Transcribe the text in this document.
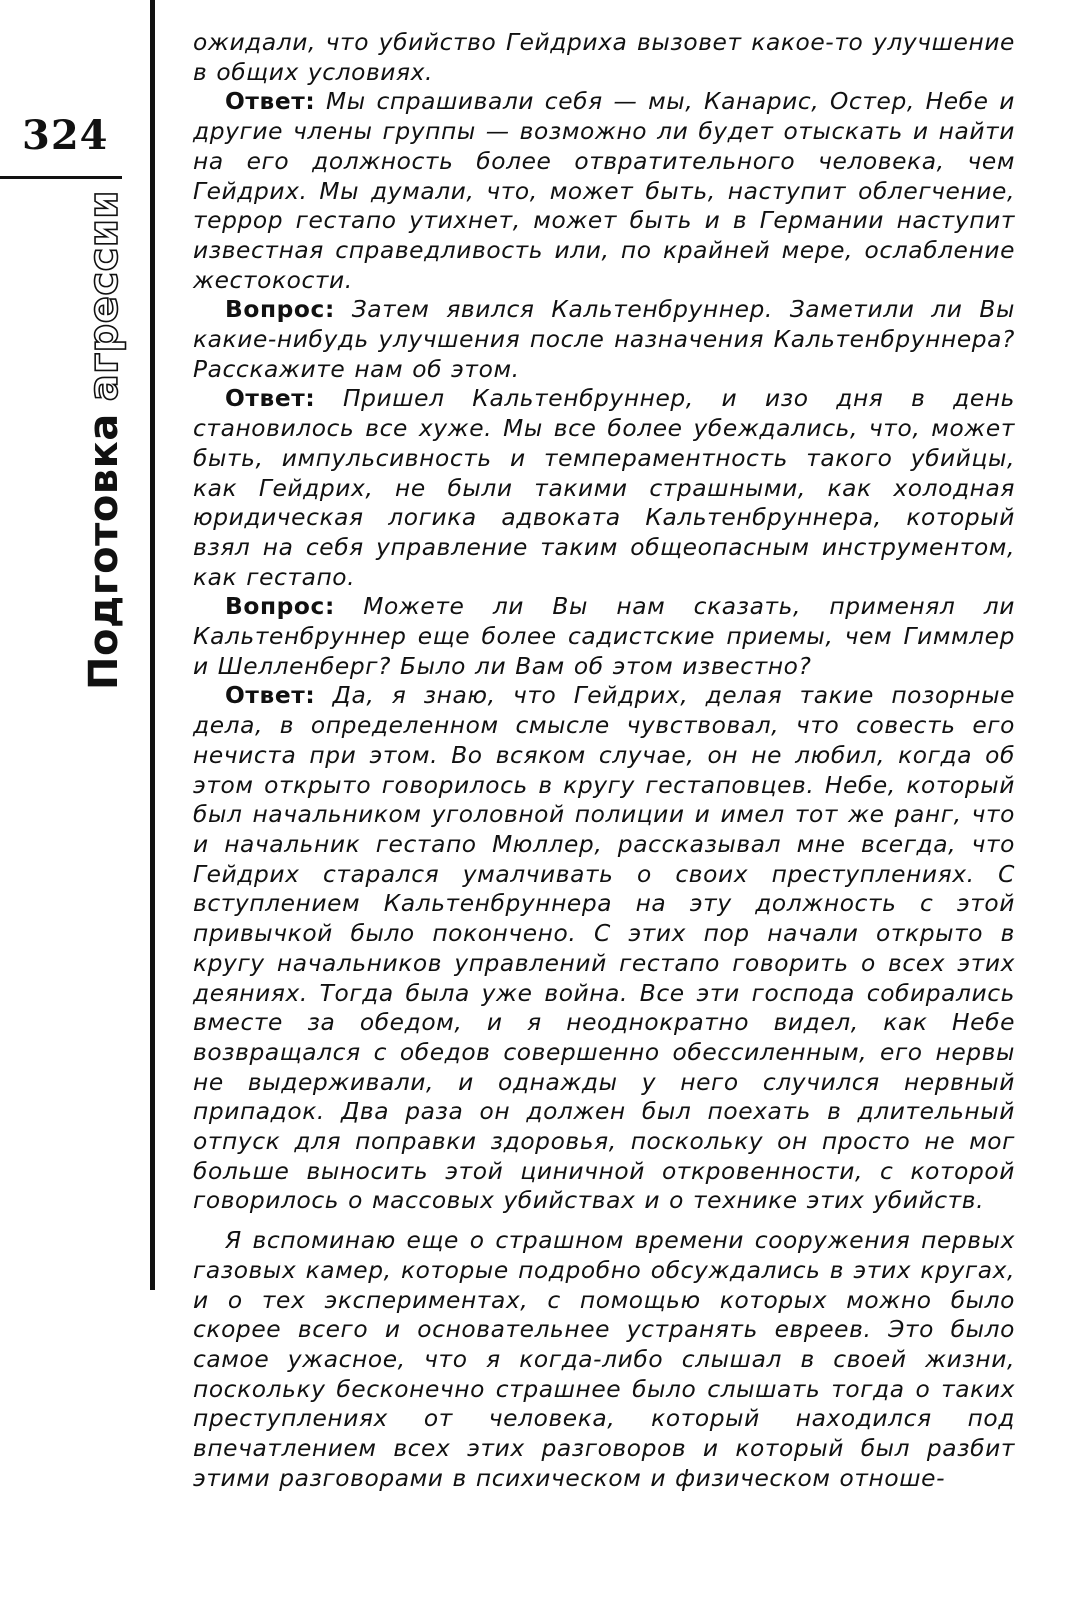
324
Подготовка
агрессии

ожидали, что убийство Гейдриха вызовет какое-то улучшение в общих условиях.

Ответ: Мы спрашивали себя — мы, Канарис, Остер, Небе и другие члены группы — возможно ли будет отыскать и найти на его должность более отвратительного человека, чем Гейдрих. Мы думали, что, может быть, наступит облегчение, террор гестапо утихнет, может быть и в Германии наступит известная справедливость или, по крайней мере, ослабление жестокости.

Вопрос: Затем явился Кальтенбруннер. Заметили ли Вы какие-нибудь улучшения после назначения Кальтенбруннера? Расскажите нам об этом.

Ответ: Пришел Кальтенбруннер, и изо дня в день становилось все хуже. Мы все более убеждались, что, может быть, импульсивность и темпераментность такого убийцы, как Гейдрих, не были такими страшными, как холодная юридическая логика адвоката Кальтенбруннера, который взял на себя управление таким общеопасным инструментом, как гестапо.

Вопрос: Можете ли Вы нам сказать, применял ли Кальтенбруннер еще более садистские приемы, чем Гиммлер и Шелленберг? Было ли Вам об этом известно?

Ответ: Да, я знаю, что Гейдрих, делая такие позорные дела, в определенном смысле чувствовал, что совесть его нечиста при этом. Во всяком случае, он не любил, когда об этом открыто говорилось в кругу гестаповцев. Небе, который был начальником уголовной полиции и имел тот же ранг, что и начальник гестапо Мюллер, рассказывал мне всегда, что Гейдрих старался умалчивать о своих преступлениях. С вступлением Кальтенбруннера на эту должность с этой привычкой было покончено. С этих пор начали открыто в кругу начальников управлений гестапо говорить о всех этих деяниях. Тогда была уже война. Все эти господа собирались вместе за обедом, и я неоднократно видел, как Небе возвращался с обедов совершенно обессиленным, его нервы не выдерживали, и однажды у него случился нервный припадок. Два раза он должен был поехать в длительный отпуск для поправки здоровья, поскольку он просто не мог больше выносить этой циничной откровенности, с которой говорилось о массовых убийствах и о технике этих убийств.

Я вспоминаю еще о страшном времени сооружения первых газовых камер, которые подробно обсуждались в этих кругах, и о тех экспериментах, с помощью которых можно было скорее всего и основательнее устранять евреев. Это было самое ужасное, что я когда-либо слышал в своей жизни, поскольку бесконечно страшнее было слышать тогда о таких преступлениях от человека, который находился под впечатлением всех этих разговоров и который был разбит этими разговорами в психическом и физическом отноше-
